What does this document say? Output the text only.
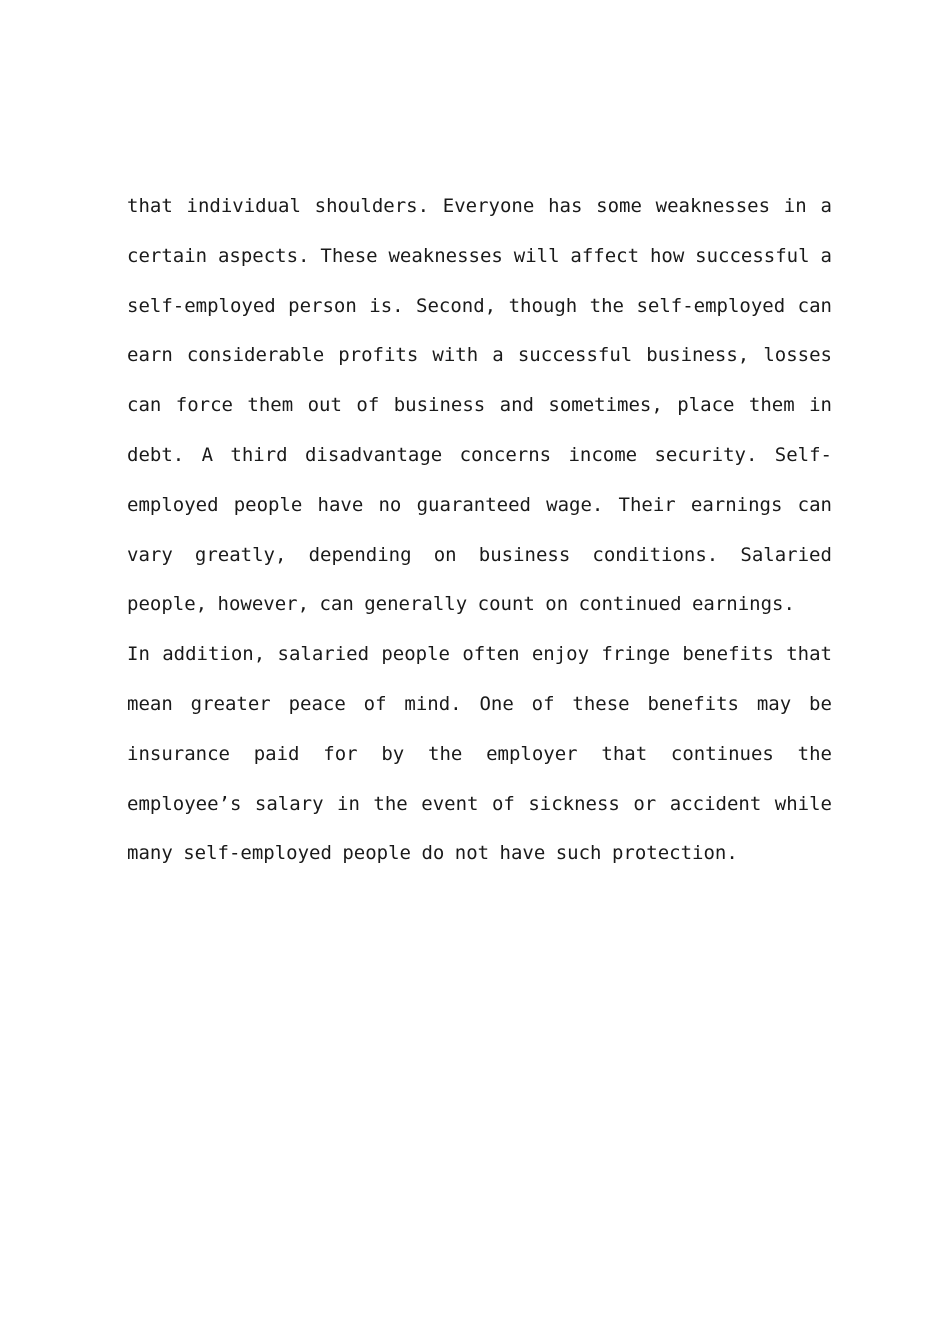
that individual shoulders. Everyone has some weaknesses in a
certain aspects. These weaknesses will affect how successful a
self-employed person is. Second, though the self-employed can
earn considerable profits with a successful business, losses
can force them out of business and sometimes, place them in
debt. A third disadvantage concerns income security. Self-
employed people have no guaranteed wage. Their earnings can
vary greatly, depending on business conditions. Salaried
people, however, can generally count on continued earnings.
In addition, salaried people often enjoy fringe benefits that
mean greater peace of mind. One of these benefits may be
insurance paid for by the employer that continues the
employee’s salary in the event of sickness or accident while
many self-employed people do not have such protection.
